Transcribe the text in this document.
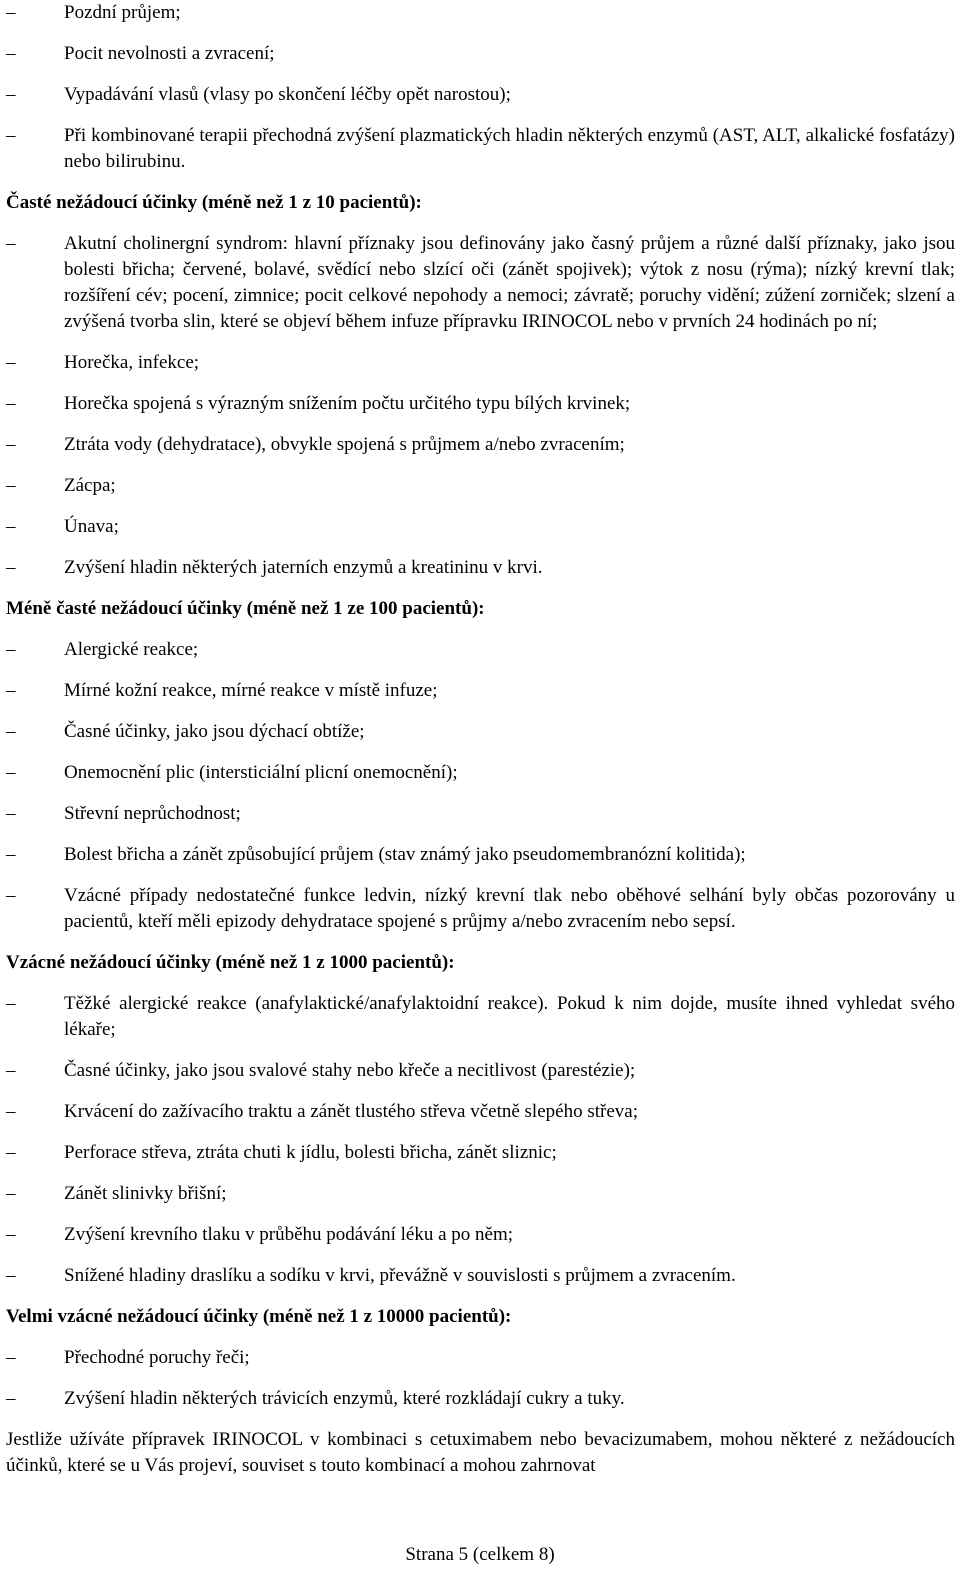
–	Pozdní průjem;
–	Pocit nevolnosti a zvracení;
–	Vypadávání vlasů (vlasy po skončení léčby opět narostou);
–	Při kombinované terapii přechodná zvýšení plazmatických hladin některých enzymů (AST, ALT, alkalické fosfatázy) nebo bilirubinu.
Časté nežádoucí účinky (méně než 1 z 10 pacientů):
–	Akutní cholinergní syndrom: hlavní příznaky jsou definovány jako časný průjem a různé další příznaky, jako jsou bolesti břicha; červené, bolavé, svědící nebo slzící oči (zánět spojivek); výtok z nosu (rýma); nízký krevní tlak; rozšíření cév; pocení, zimnice; pocit celkové nepohody a nemoci; závratě; poruchy vidění; zúžení zorniček; slzení a zvýšená tvorba slin, které se objeví během infuze přípravku IRINOCOL nebo v prvních 24 hodinách po ní;
–	Horečka, infekce;
–	Horečka spojená s výrazným snížením počtu určitého typu bílých krvinek;
–	Ztráta vody (dehydratace), obvykle spojená s průjmem a/nebo zvracením;
–	Zácpa;
–	Únava;
–	Zvýšení hladin některých jaterních enzymů a kreatininu v krvi.
Méně časté nežádoucí účinky (méně než 1 ze 100 pacientů):
–	Alergické reakce;
–	Mírné kožní reakce, mírné reakce v místě infuze;
–	Časné účinky, jako jsou dýchací obtíže;
–	Onemocnění plic (intersticiální plicní onemocnění);
–	Střevní neprůchodnost;
–	Bolest břicha a zánět způsobující průjem (stav známý jako pseudomembranózní kolitida);
–	Vzácné případy nedostatečné funkce ledvin, nízký krevní tlak nebo oběhové selhání byly občas pozorovány u pacientů, kteří měli epizody dehydratace spojené s průjmy a/nebo zvracením nebo sepsí.
Vzácné nežádoucí účinky (méně než 1 z 1000 pacientů):
–	Těžké alergické reakce (anafylaktické/anafylaktoidní reakce). Pokud k nim dojde, musíte ihned vyhledat svého lékaře;
–	Časné účinky, jako jsou svalové stahy nebo křeče a necitlivost (parestézie);
–	Krvácení do zažívacího traktu a zánět tlustého střeva včetně slepého střeva;
–	Perforace střeva, ztráta chuti k jídlu, bolesti břicha, zánět sliznic;
–	Zánět slinivky břišní;
–	Zvýšení krevního tlaku v průběhu podávání léku a po něm;
–	Snížené hladiny draslíku a sodíku v krvi, převážně v souvislosti s průjmem a zvracením.
Velmi vzácné nežádoucí účinky (méně než 1 z 10000 pacientů):
–	Přechodné poruchy řeči;
–	Zvýšení hladin některých trávicích enzymů, které rozkládají cukry a tuky.

Jestliže užíváte přípravek IRINOCOL v kombinaci s cetuximabem nebo bevacizumabem, mohou některé z nežádoucích účinků, které se u Vás projeví, souviset s touto kombinací a mohou zahrnovat

Strana 5 (celkem 8)
